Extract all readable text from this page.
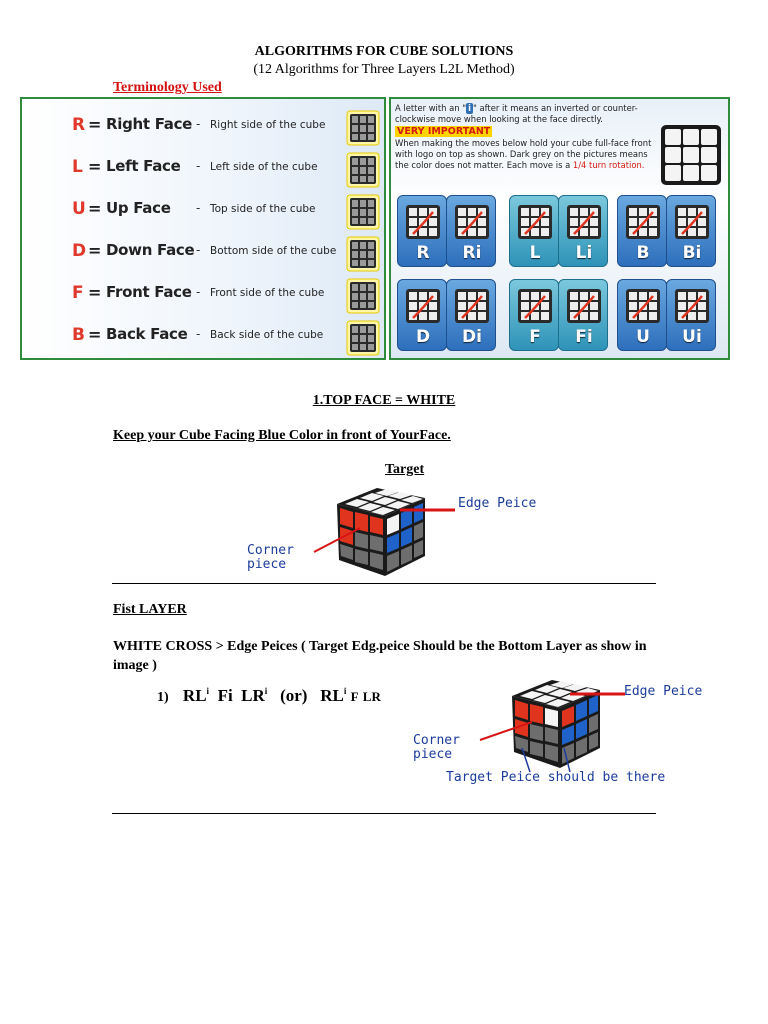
ALGORITHMS FOR CUBE SOLUTIONS
(12 Algorithms for Three Layers L2L Method)
Terminology Used
R = Right Face - Right side of the cube
L = Left Face - Left side of the cube
U = Up Face - Top side of the cube
D = Down Face - Bottom side of the cube
F = Front Face - Front side of the cube
B = Back Face - Back side of the cube
A letter with an " i " after it means an inverted or counter-clockwise move when looking at the face directly.
VERY IMPORTANT
When making the moves below hold your cube full-face front with logo on top as shown. Dark grey on the pictures means the color does not matter. Each move is a 1/4 turn rotation.
R	Ri	L	Li	B	Bi
D	Di	F	Fi	U	Ui
1.TOP FACE = WHITE
Keep your Cube Facing Blue Color in front of YourFace.
Target
Edge Peice
Corner
piece
Fist LAYER
WHITE CROSS > Edge Peices ( Target Edg.peice Should be the Bottom Layer as show in image )
1) $RL^i$ Fi $LR^i$ (or) $RL^i$ F LR	Edge Peice
Corner
piece
Target Peice should be there
